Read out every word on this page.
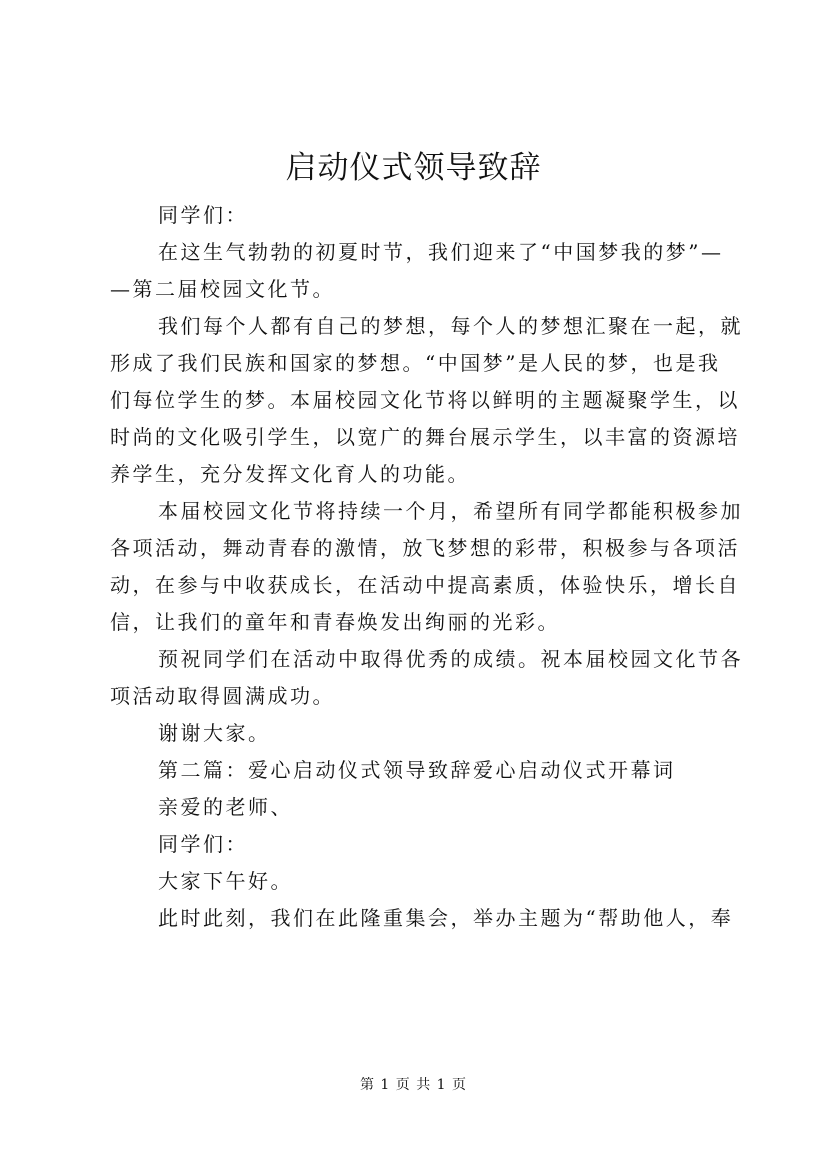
启动仪式领导致辞
同学们：
在这生气勃勃的初夏时节，我们迎来了“中国梦我的梦”—
—第二届校园文化节。
我们每个人都有自己的梦想，每个人的梦想汇聚在一起，就
形成了我们民族和国家的梦想。“中国梦”是人民的梦，也是我
们每位学生的梦。本届校园文化节将以鲜明的主题凝聚学生，以
时尚的文化吸引学生，以宽广的舞台展示学生，以丰富的资源培
养学生，充分发挥文化育人的功能。
本届校园文化节将持续一个月，希望所有同学都能积极参加
各项活动，舞动青春的激情，放飞梦想的彩带，积极参与各项活
动，在参与中收获成长，在活动中提高素质，体验快乐，增长自
信，让我们的童年和青春焕发出绚丽的光彩。
预祝同学们在活动中取得优秀的成绩。祝本届校园文化节各
项活动取得圆满成功。
谢谢大家。
第二篇：爱心启动仪式领导致辞爱心启动仪式开幕词
亲爱的老师、
同学们：
大家下午好。
此时此刻，我们在此隆重集会，举办主题为“帮助他人，奉
第 1 页 共 1 页
